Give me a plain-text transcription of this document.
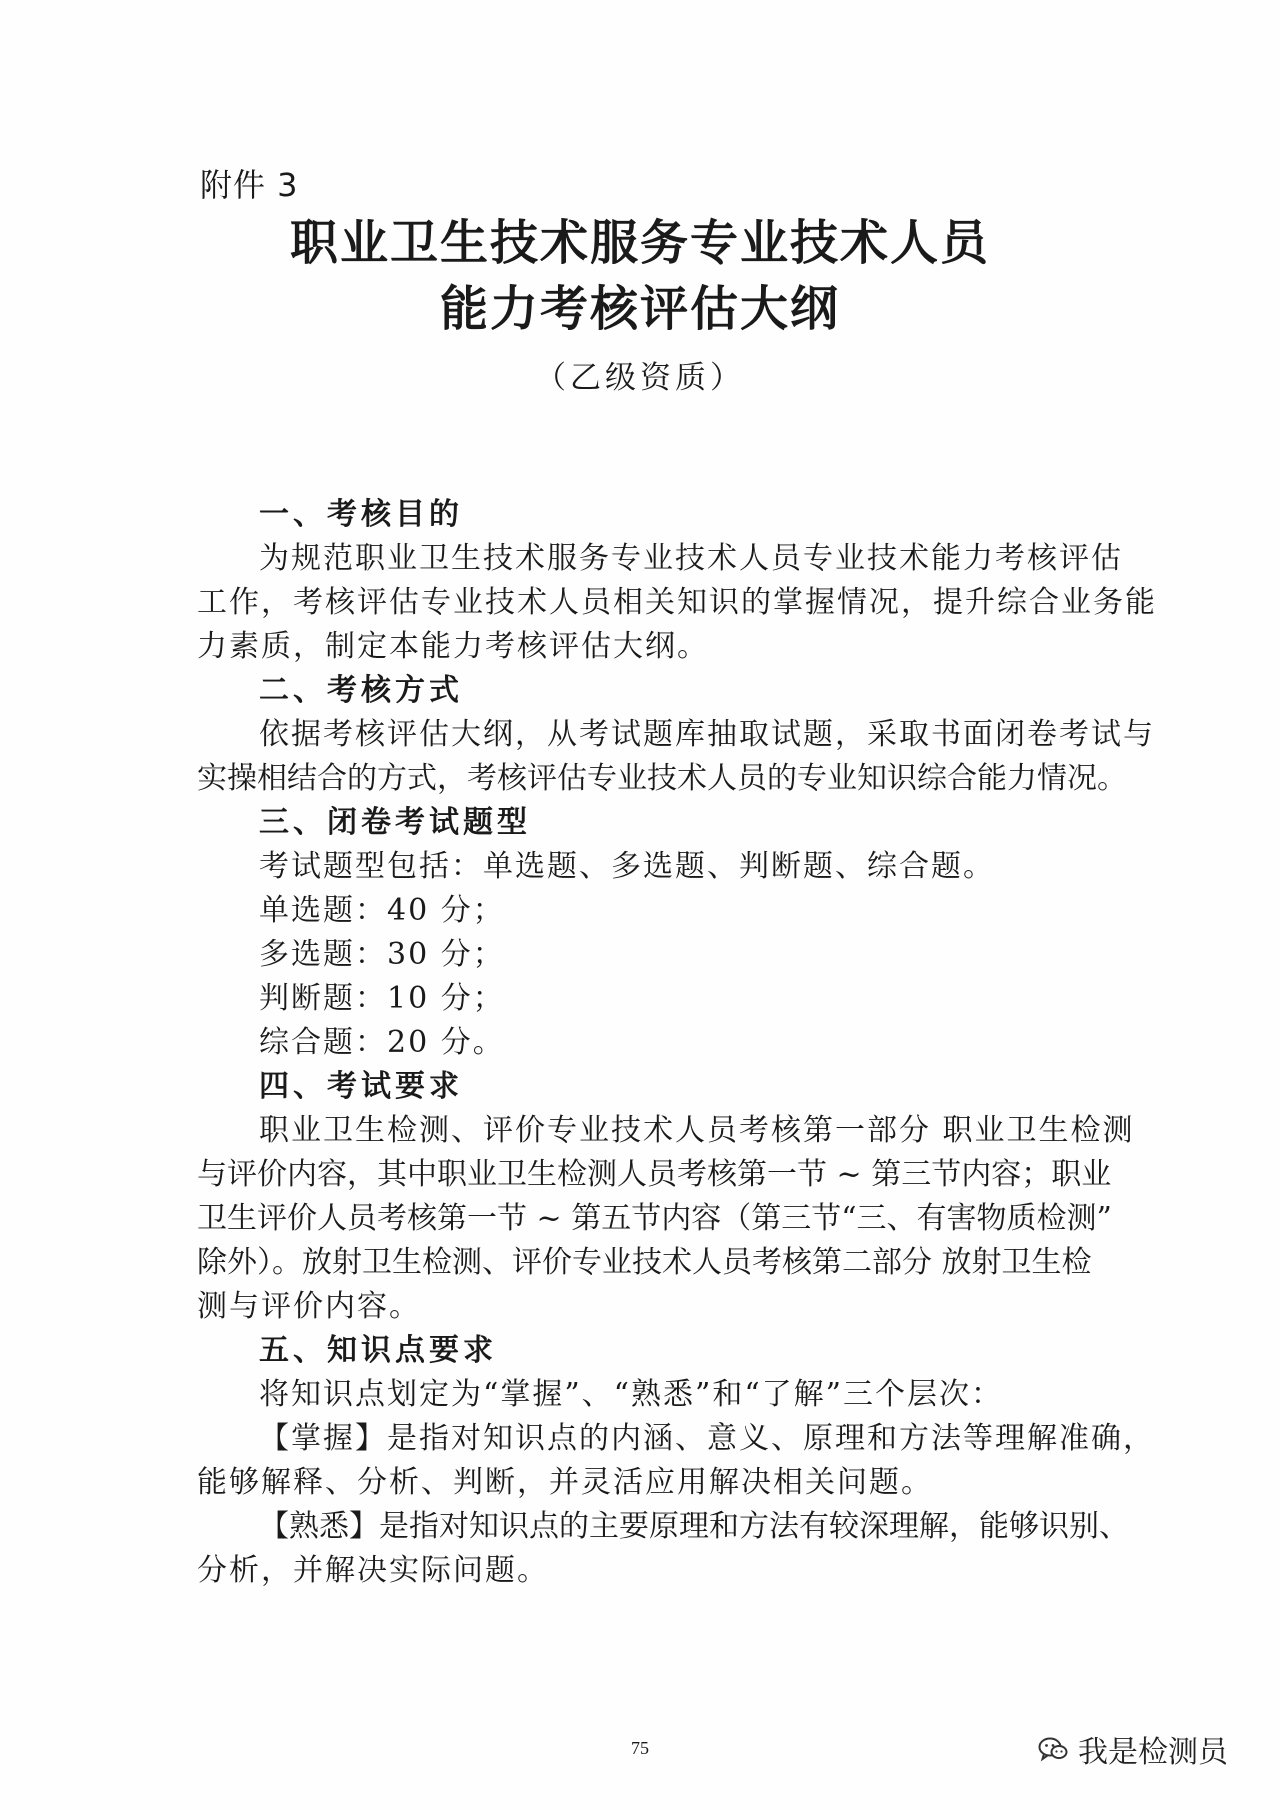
附件 3
职业卫生技术服务专业技术人员
能力考核评估大纲
（乙级资质）
一、考核目的
为规范职业卫生技术服务专业技术人员专业技术能力考核评估
工作，考核评估专业技术人员相关知识的掌握情况，提升综合业务能
力素质，制定本能力考核评估大纲。
二、考核方式
依据考核评估大纲，从考试题库抽取试题，采取书面闭卷考试与
实操相结合的方式，考核评估专业技术人员的专业知识综合能力情况。
三、闭卷考试题型
考试题型包括：单选题、多选题、判断题、综合题。
单选题：40 分；
多选题：30 分；
判断题：10 分；
综合题：20 分。
四、考试要求
职业卫生检测、评价专业技术人员考核第一部分 职业卫生检测
与评价内容，其中职业卫生检测人员考核第一节 ~ 第三节内容；职业
卫生评价人员考核第一节 ~ 第五节内容（第三节“三、有害物质检测”
除外）。放射卫生检测、评价专业技术人员考核第二部分 放射卫生检
测与评价内容。
五、知识点要求
将知识点划定为“掌握”、“熟悉”和“了解”三个层次：
【掌握】是指对知识点的内涵、意义、原理和方法等理解准确，
能够解释、分析、判断，并灵活应用解决相关问题。
【熟悉】是指对知识点的主要原理和方法有较深理解，能够识别、
分析，并解决实际问题。
75	我是检测员
